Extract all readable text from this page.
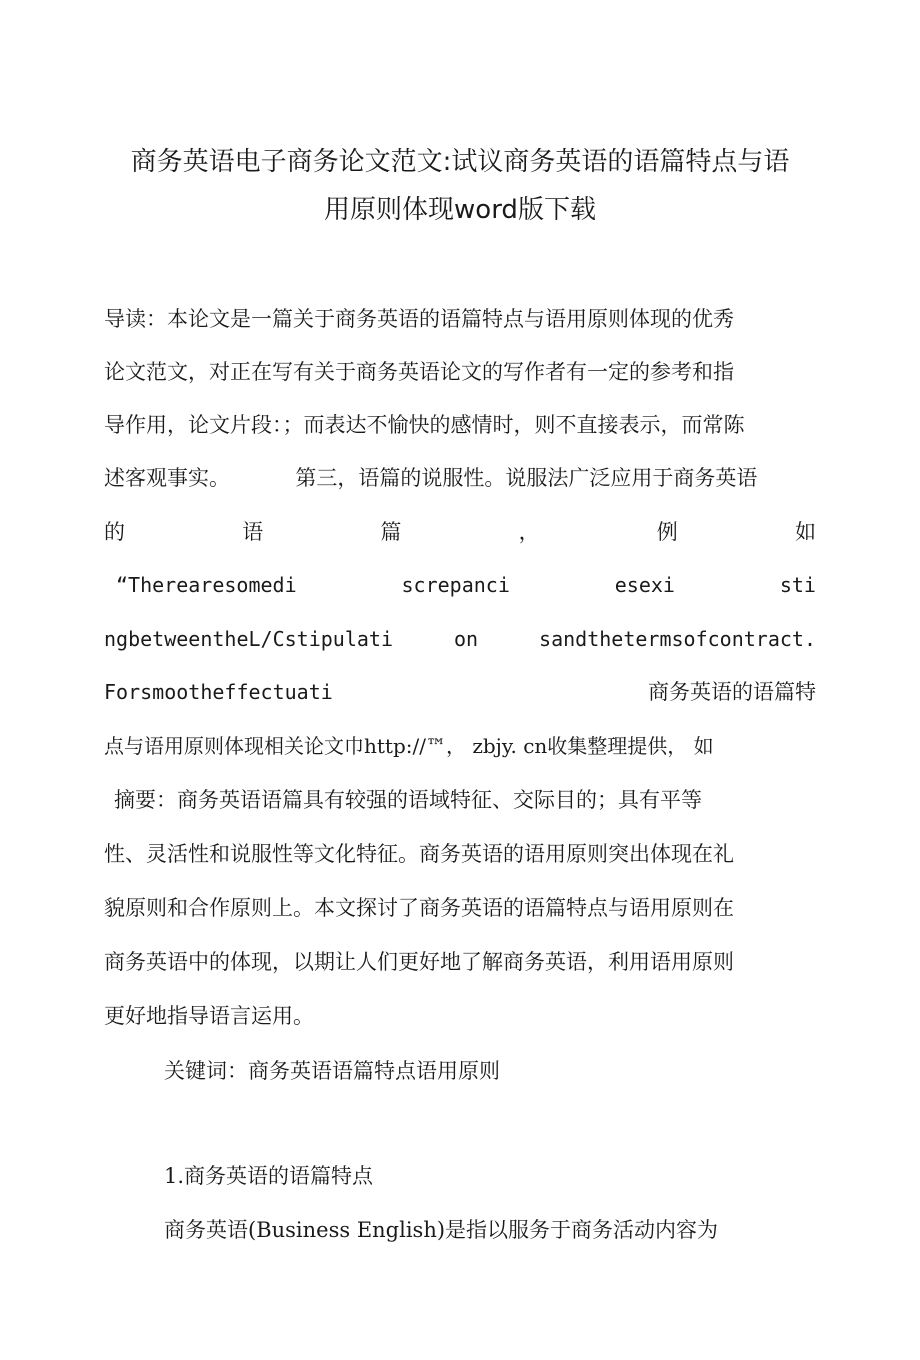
商务英语电子商务论文范文:试议商务英语的语篇特点与语
用原则体现word版下载

导读：本论文是一篇关于商务英语的语篇特点与语用原则体现的优秀

论文范文，对正在写有关于商务英语论文的写作者有一定的参考和指

导作用，论文片段：；而表达不愉快的感情时，则不直接表示，而常陈

述客观事实。	第三，语篇的说服性。说服法广泛应用于商务英语

的	语	篇	，	例	如

“Therearesomedi	screpanci	esexi	sti

ngbetweentheL/Cstipulati	on	sandthetermsofcontract.

Forsmootheffectuati	商务英语的语篇特

点与语用原则体现相关论文巾http://™， zbjy. cn收集整理提供， 如

摘要：商务英语语篇具有较强的语域特征、交际目的；具有平等

性、灵活性和说服性等文化特征。商务英语的语用原则突出体现在礼

貌原则和合作原则上。本文探讨了商务英语的语篇特点与语用原则在

商务英语中的体现，以期让人们更好地了解商务英语，利用语用原则

更好地指导语言运用。

关键词：商务英语语篇特点语用原则

1.商务英语的语篇特点

商务英语(Business English)是指以服务于商务活动内容为
